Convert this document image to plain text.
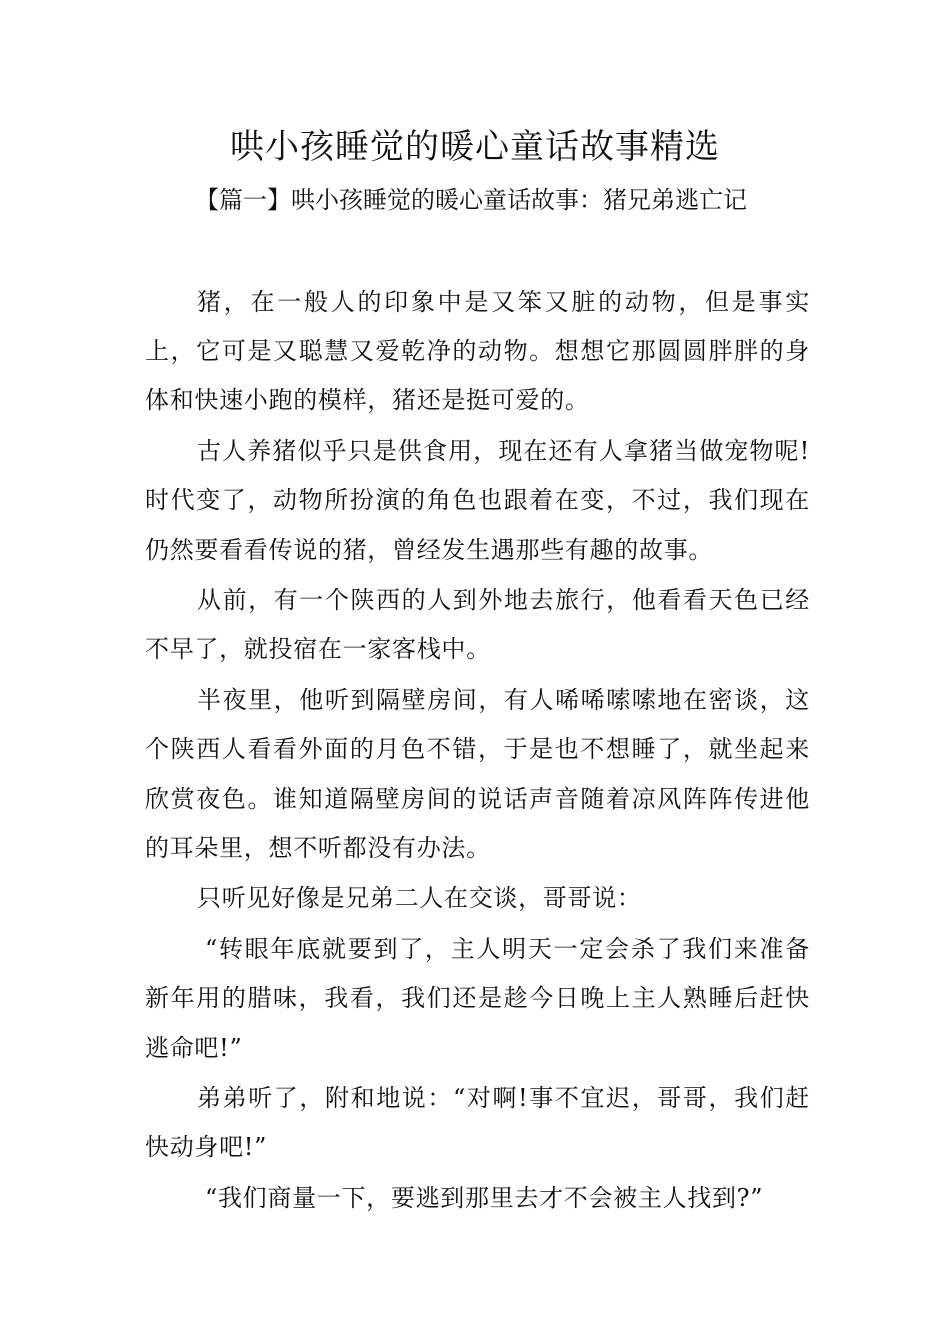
哄小孩睡觉的暖心童话故事精选

【篇一】哄小孩睡觉的暖心童话故事：猪兄弟逃亡记

猪，在一般人的印象中是又笨又脏的动物，但是事实上，它可是又聪慧又爱乾净的动物。想想它那圆圆胖胖的身体和快速小跑的模样，猪还是挺可爱的。

古人养猪似乎只是供食用，现在还有人拿猪当做宠物呢!时代变了，动物所扮演的角色也跟着在变，不过，我们现在仍然要看看传说的猪，曾经发生遇那些有趣的故事。

从前，有一个陕西的人到外地去旅行，他看看天色已经不早了，就投宿在一家客栈中。

半夜里，他听到隔壁房间，有人唏唏嗦嗦地在密谈，这个陕西人看看外面的月色不错，于是也不想睡了，就坐起来欣赏夜色。谁知道隔壁房间的说话声音随着凉风阵阵传进他的耳朵里，想不听都没有办法。

只听见好像是兄弟二人在交谈，哥哥说：

“转眼年底就要到了，主人明天一定会杀了我们来准备新年用的腊味，我看，我们还是趁今日晚上主人熟睡后赶快逃命吧!”

弟弟听了，附和地说：“对啊!事不宜迟，哥哥，我们赶快动身吧!”

“我们商量一下，要逃到那里去才不会被主人找到?”
